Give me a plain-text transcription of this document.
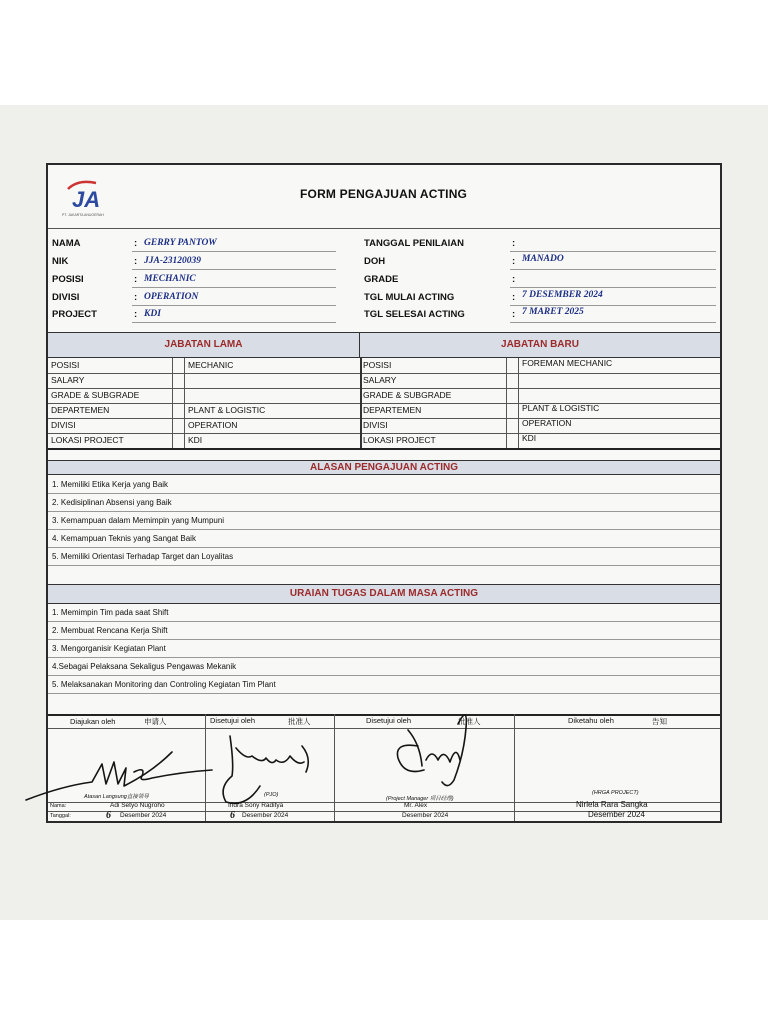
JA
PT. JAKARTA ANUGERAH
FORM PENGAJUAN ACTING
NAMA	: GERRY PANTOW
NIK	: JJA-23120039
POSISI	: MECHANIC
DIVISI	: OPERATION
PROJECT	: KDI
TANGGAL PENILAIAN	:
DOH	: MANADO
GRADE	:
TGL MULAI ACTING	: 7 DESEMBER 2024
TGL SELESAI ACTING	: 7 MARET 2025
JABATAN LAMA	JABATAN BARU
POSISI	MECHANIC	POSISI	FOREMAN MECHANIC
SALARY	SALARY
GRADE & SUBGRADE	GRADE & SUBGRADE
DEPARTEMEN	PLANT & LOGISTIC	DEPARTEMEN	PLANT & LOGISTIC
DIVISI	OPERATION	DIVISI	OPERATION
LOKASI PROJECT	KDI	LOKASI PROJECT	KDI
ALASAN PENGAJUAN ACTING
1. Memiliki Etika Kerja yang Baik
2. Kedisiplinan Absensi yang Baik
3. Kemampuan dalam Memimpin yang Mumpuni
4. Kemampuan Teknis yang Sangat Baik
5. Memiliki Orientasi Terhadap Target dan Loyalitas
URAIAN TUGAS DALAM MASA ACTING
1. Memimpin Tim pada saat Shift
2. Membuat Rencana Kerja Shift
3. Mengorganisir Kegiatan Plant
4.Sebagai Pelaksana Sekaligus Pengawas Mekanik
5. Melaksanakan Monitoring dan Controling Kegiatan Tim Plant
Diajukan oleh	申请人	Disetujui oleh	批准人	Disetujui oleh	批准人	Diketahu oleh	告知
Atasan Langsung直接领导	(PJO)
(Project Manager 项目经理)
(HRGA PROJECT)
Nama:	Adi Setyo Nugroho	Indra Sony Raditya	Mr. Alex	Nirlela Rara Sangka
Tanggal:	6 Desember 2024	6 Desember 2024	Desember 2024	Desember 2024
